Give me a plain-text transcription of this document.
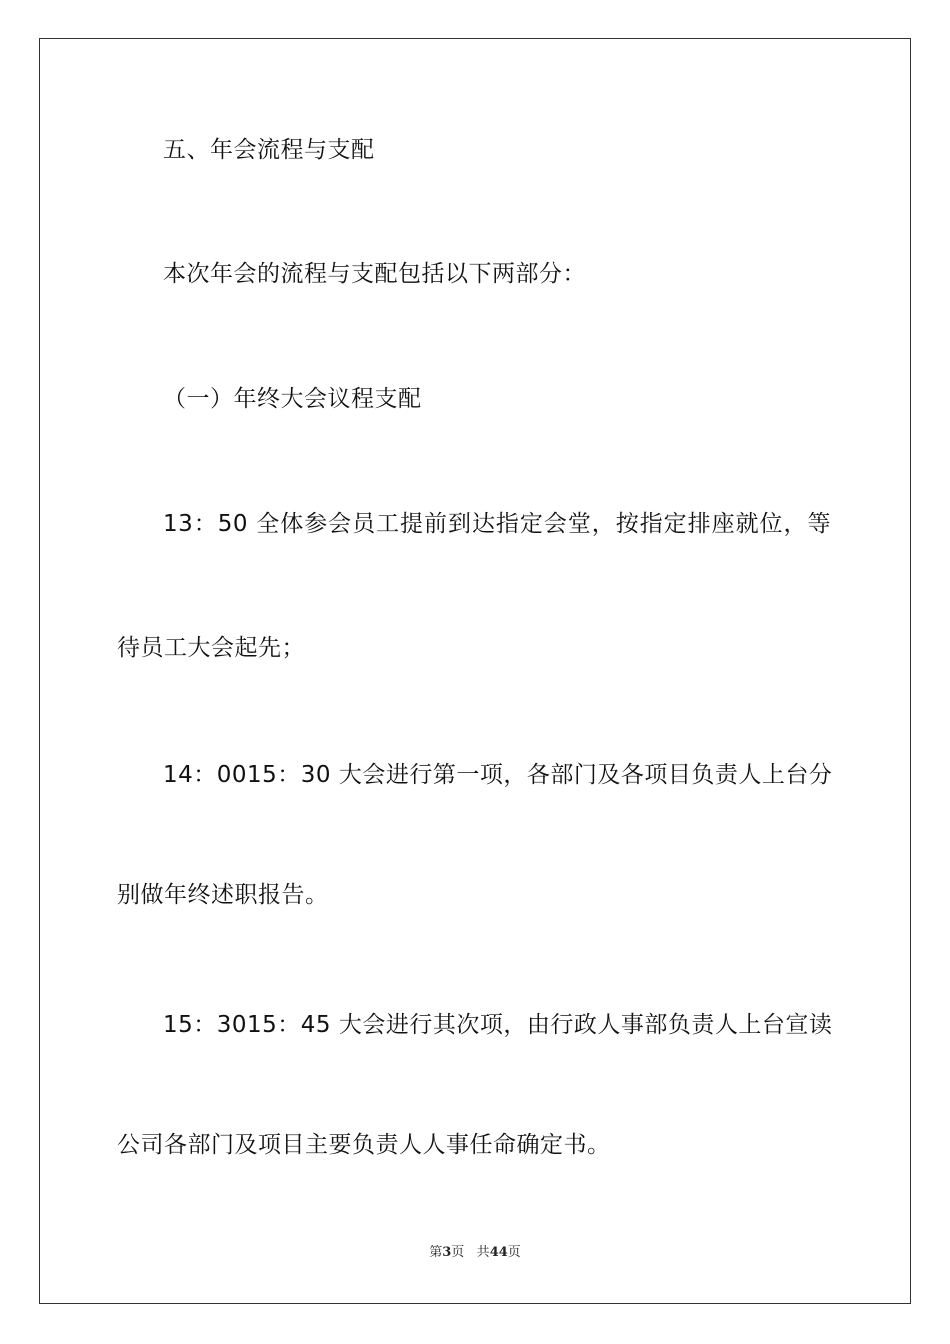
五、年会流程与支配
本次年会的流程与支配包括以下两部分：
（一）年终大会议程支配
13：50 全体参会员工提前到达指定会堂，按指定排座就位，等
待员工大会起先；
14：0015：30 大会进行第一项，各部门及各项目负责人上台分
别做年终述职报告。
15：3015：45 大会进行其次项，由行政人事部负责人上台宣读
公司各部门及项目主要负责人人事任命确定书。
第3页 共44页
